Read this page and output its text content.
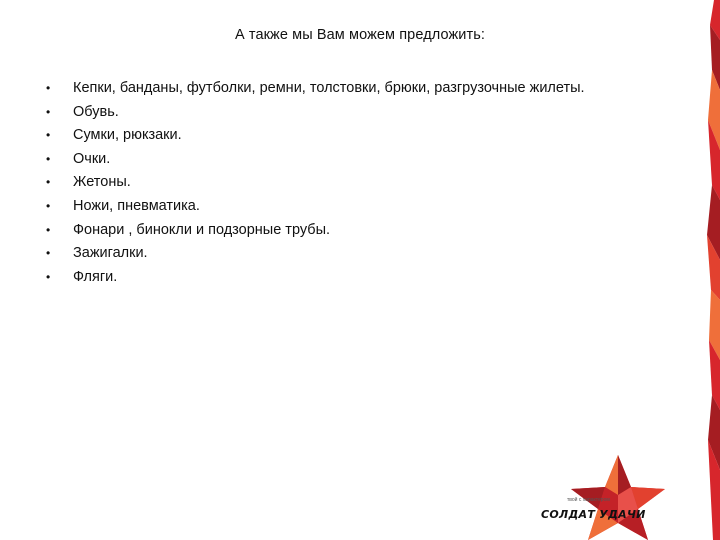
А также мы Вам можем предложить:
• Кепки, банданы, футболки, ремни, толстовки, брюки, разгрузочные жилеты.
• Обувь.
• Сумки, рюкзаки.
• Очки.
• Жетоны.
• Ножи, пневматика.
• Фонари , бинокли и подзорные трубы.
• Зажигалки.
• Фляги.
твой с характером
СОЛДАТ УДАЧИ
